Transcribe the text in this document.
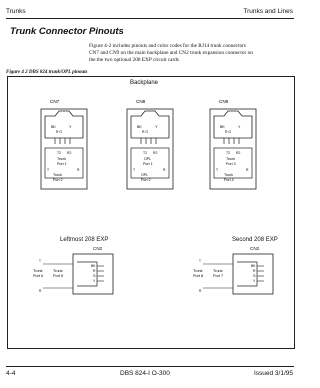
Trunks	Trunks and Lines
Trunk Connector Pinouts
Figure 4-2 includes pinouts and color codes for the RJ14 trunk connectors
CN7 and CN9 on the main backplane and CN2 trunk expansion connector on
the the two optional 208 EXP circuit cards
Figure 4 2 DBS 824 trunk/OPL pinouts
Backplane
CN7
BK	Y
R G
T2 R2
Trunk
Port 1
T	R
Trunk
Port 2
CN8
BK	Y
R G
T2 R2
OPL
Port 1
T	R
OPL
Port 2
CN9
BK	Y
R G
T2 R2
Trunk
Port 3
T	R
Trunk
Port 4
Leftmost 208 EXP
CN2
Second 208 EXP
CN2
BK
R
G
Y
Trunk
Port 5
Trunk
Port 6
T
R
BK
R
G
Y
Trunk
Port 7
Trunk
Port 8
T
R
4-4	DBS 824-I O-300	Issued 3/1/95
